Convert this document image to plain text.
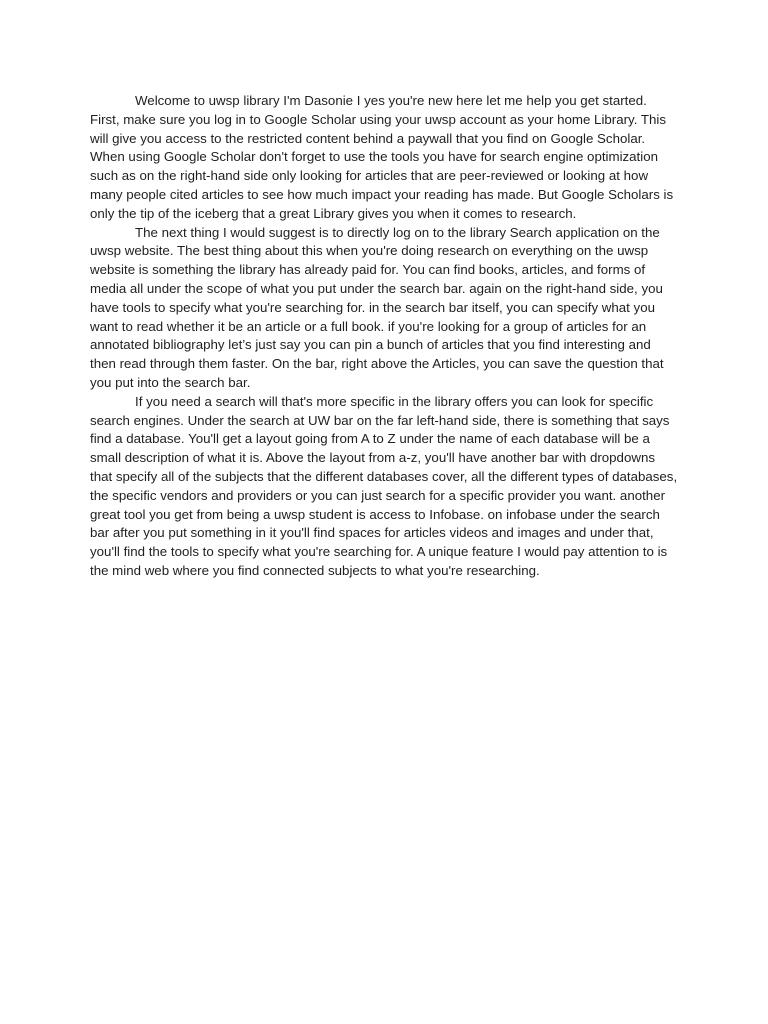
Welcome to uwsp library I'm Dasonie I yes you're new here let me help you get started. First, make sure you log in to Google Scholar using your uwsp account as your home Library. This will give you access to the restricted content behind a paywall that you find on Google Scholar. When using Google Scholar don't forget to use the tools you have for search engine optimization such as on the right-hand side only looking for articles that are peer-reviewed or looking at how many people cited articles to see how much impact your reading has made. But Google Scholars is only the tip of the iceberg that a great Library gives you when it comes to research.

The next thing I would suggest is to directly log on to the library Search application on the uwsp website. The best thing about this when you're doing research on everything on the uwsp website is something the library has already paid for. You can find books, articles, and forms of media all under the scope of what you put under the search bar. again on the right-hand side, you have tools to specify what you're searching for. in the search bar itself, you can specify what you want to read whether it be an article or a full book. if you're looking for a group of articles for an annotated bibliography let’s just say you can pin a bunch of articles that you find interesting and then read through them faster. On the bar, right above the Articles, you can save the question that you put into the search bar.

If you need a search will that's more specific in the library offers you can look for specific search engines. Under the search at UW bar on the far left-hand side, there is something that says find a database. You'll get a layout going from A to Z under the name of each database will be a small description of what it is. Above the layout from a-z, you'll have another bar with dropdowns that specify all of the subjects that the different databases cover, all the different types of databases, the specific vendors and providers or you can just search for a specific provider you want. another great tool you get from being a uwsp student is access to Infobase. on infobase under the search bar after you put something in it you'll find spaces for articles videos and images and under that, you'll find the tools to specify what you're searching for. A unique feature I would pay attention to is the mind web where you find connected subjects to what you're researching.
